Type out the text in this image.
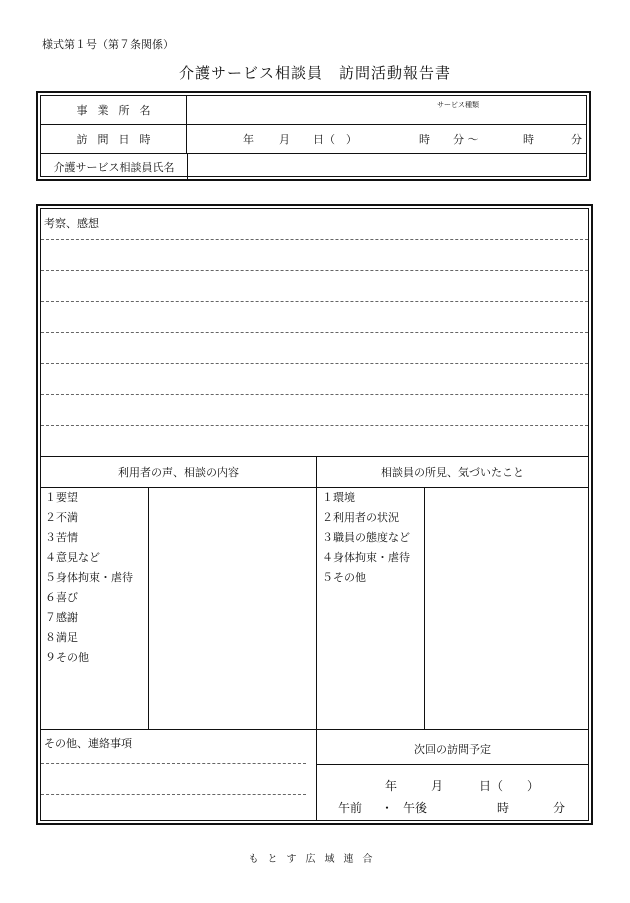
様式第１号（第７条関係）
介護サービス相談員　訪問活動報告書
事業所名	サービス種類
訪問日時	年 月 日（　）	時 分 ～	時	分
介護サービス相談員氏名
考察、感想
利用者の声、相談の内容	相談員の所見、気づいたこと
１要望
２不満
３苦情
４意見など
５身体拘束・虐待
６喜び
７感謝
８満足
９その他
１環境
２利用者の状況
３職員の態度など
４身体拘束・虐待
５その他
その他、連絡事項	次回の訪問予定
年	月	日（　　）
午前 ・ 午後	時	分
もとす広域連合
